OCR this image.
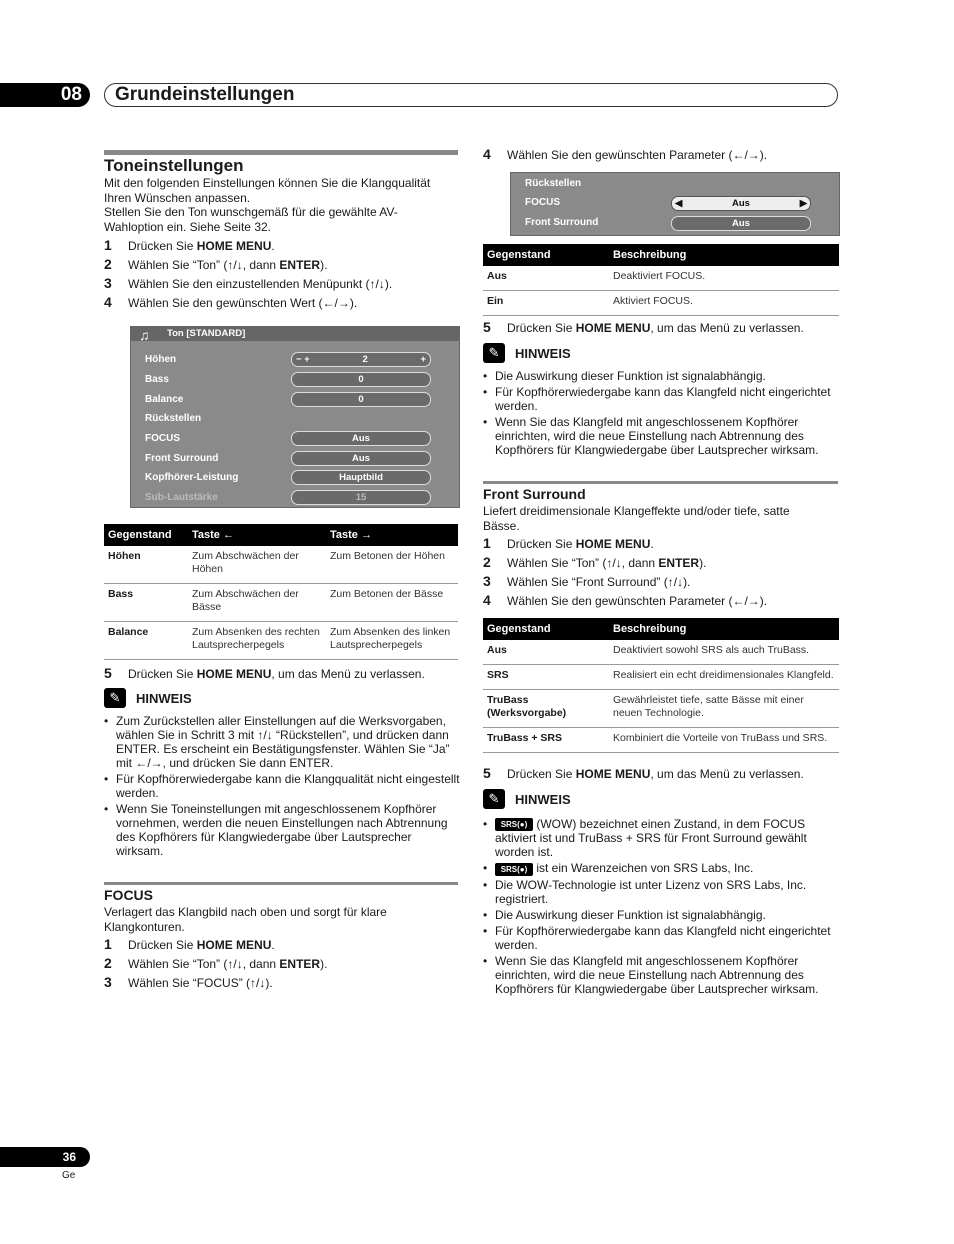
08	Grundeinstellungen
Toneinstellungen
Mit den folgenden Einstellungen können Sie die Klangqualität
Ihren Wünschen anpassen.
Stellen Sie den Ton wunschgemäß für die gewählte AV-
Wahloption ein. Siehe Seite 32.
1 Drücken Sie HOME MENU.
2 Wählen Sie “Ton” (↑/↓, dann ENTER).
3 Wählen Sie den einzustellenden Menüpunkt (↑/↓).
4 Wählen Sie den gewünschten Wert (←/→).
♫ Ton [STANDARD]
Höhen	− +	2	+
Bass	0
Balance	0
Rückstellen
FOCUS	Aus
Front Surround	Aus
Kopfhörer-Leistung	Hauptbild
Sub-Lautstärke	15
Gegenstand	Taste ←	Taste →
Höhen	Zum Abschwächen der Höhen	Zum Betonen der Höhen
Bass	Zum Abschwächen der Bässe	Zum Betonen der Bässe
Balance	Zum Absenken des rechten Lautsprecherpegels	Zum Absenken des linken Lautsprecherpegels
5 Drücken Sie HOME MENU, um das Menü zu verlassen.
✎ HINWEIS
• Zum Zurückstellen aller Einstellungen auf die Werksvorgaben, wählen Sie in Schritt 3 mit ↑/↓ “Rückstellen”, und drücken dann ENTER. Es erscheint ein Bestätigungsfenster. Wählen Sie “Ja” mit ←/→, und drücken Sie dann ENTER.
• Für Kopfhörerwiedergabe kann die Klangqualität nicht eingestellt werden.
• Wenn Sie Toneinstellungen mit angeschlossenem Kopfhörer vornehmen, werden die neuen Einstellungen nach Abtrennung des Kopfhörers für Klangwiedergabe über Lautsprecher wirksam.
FOCUS
Verlagert das Klangbild nach oben und sorgt für klare
Klangkonturen.
1 Drücken Sie HOME MENU.
2 Wählen Sie “Ton” (↑/↓, dann ENTER).
3 Wählen Sie “FOCUS” (↑/↓).
4 Wählen Sie den gewünschten Parameter (←/→).
Rückstellen
FOCUS	◀	Aus	▶
Front Surround	Aus
Gegenstand	Beschreibung
Aus	Deaktiviert FOCUS.
Ein	Aktiviert FOCUS.
5 Drücken Sie HOME MENU, um das Menü zu verlassen.
✎ HINWEIS
• Die Auswirkung dieser Funktion ist signalabhängig.
• Für Kopfhörerwiedergabe kann das Klangfeld nicht eingerichtet werden.
• Wenn Sie das Klangfeld mit angeschlossenem Kopfhörer einrichten, wird die neue Einstellung nach Abtrennung des Kopfhörers für Klangwiedergabe über Lautsprecher wirksam.
Front Surround
Liefert dreidimensionale Klangeffekte und/oder tiefe, satte
Bässe.
1 Drücken Sie HOME MENU.
2 Wählen Sie “Ton” (↑/↓, dann ENTER).
3 Wählen Sie “Front Surround” (↑/↓).
4 Wählen Sie den gewünschten Parameter (←/→).
Gegenstand	Beschreibung
Aus	Deaktiviert sowohl SRS als auch TruBass.
SRS	Realisiert ein echt dreidimensionales Klangfeld.
TruBass (Werksvorgabe)	Gewährleistet tiefe, satte Bässe mit einer neuen Technologie.
TruBass + SRS	Kombiniert die Vorteile von TruBass und SRS.
5 Drücken Sie HOME MENU, um das Menü zu verlassen.
✎ HINWEIS
• SRS(●) (WOW) bezeichnet einen Zustand, in dem FOCUS aktiviert ist und TruBass + SRS für Front Surround gewählt worden ist.
• SRS(●) ist ein Warenzeichen von SRS Labs, Inc.
• Die WOW-Technologie ist unter Lizenz von SRS Labs, Inc. registriert.
• Die Auswirkung dieser Funktion ist signalabhängig.
• Für Kopfhörerwiedergabe kann das Klangfeld nicht eingerichtet werden.
• Wenn Sie das Klangfeld mit angeschlossenem Kopfhörer einrichten, wird die neue Einstellung nach Abtrennung des Kopfhörers für Klangwiedergabe über Lautsprecher wirksam.
36
Ge
